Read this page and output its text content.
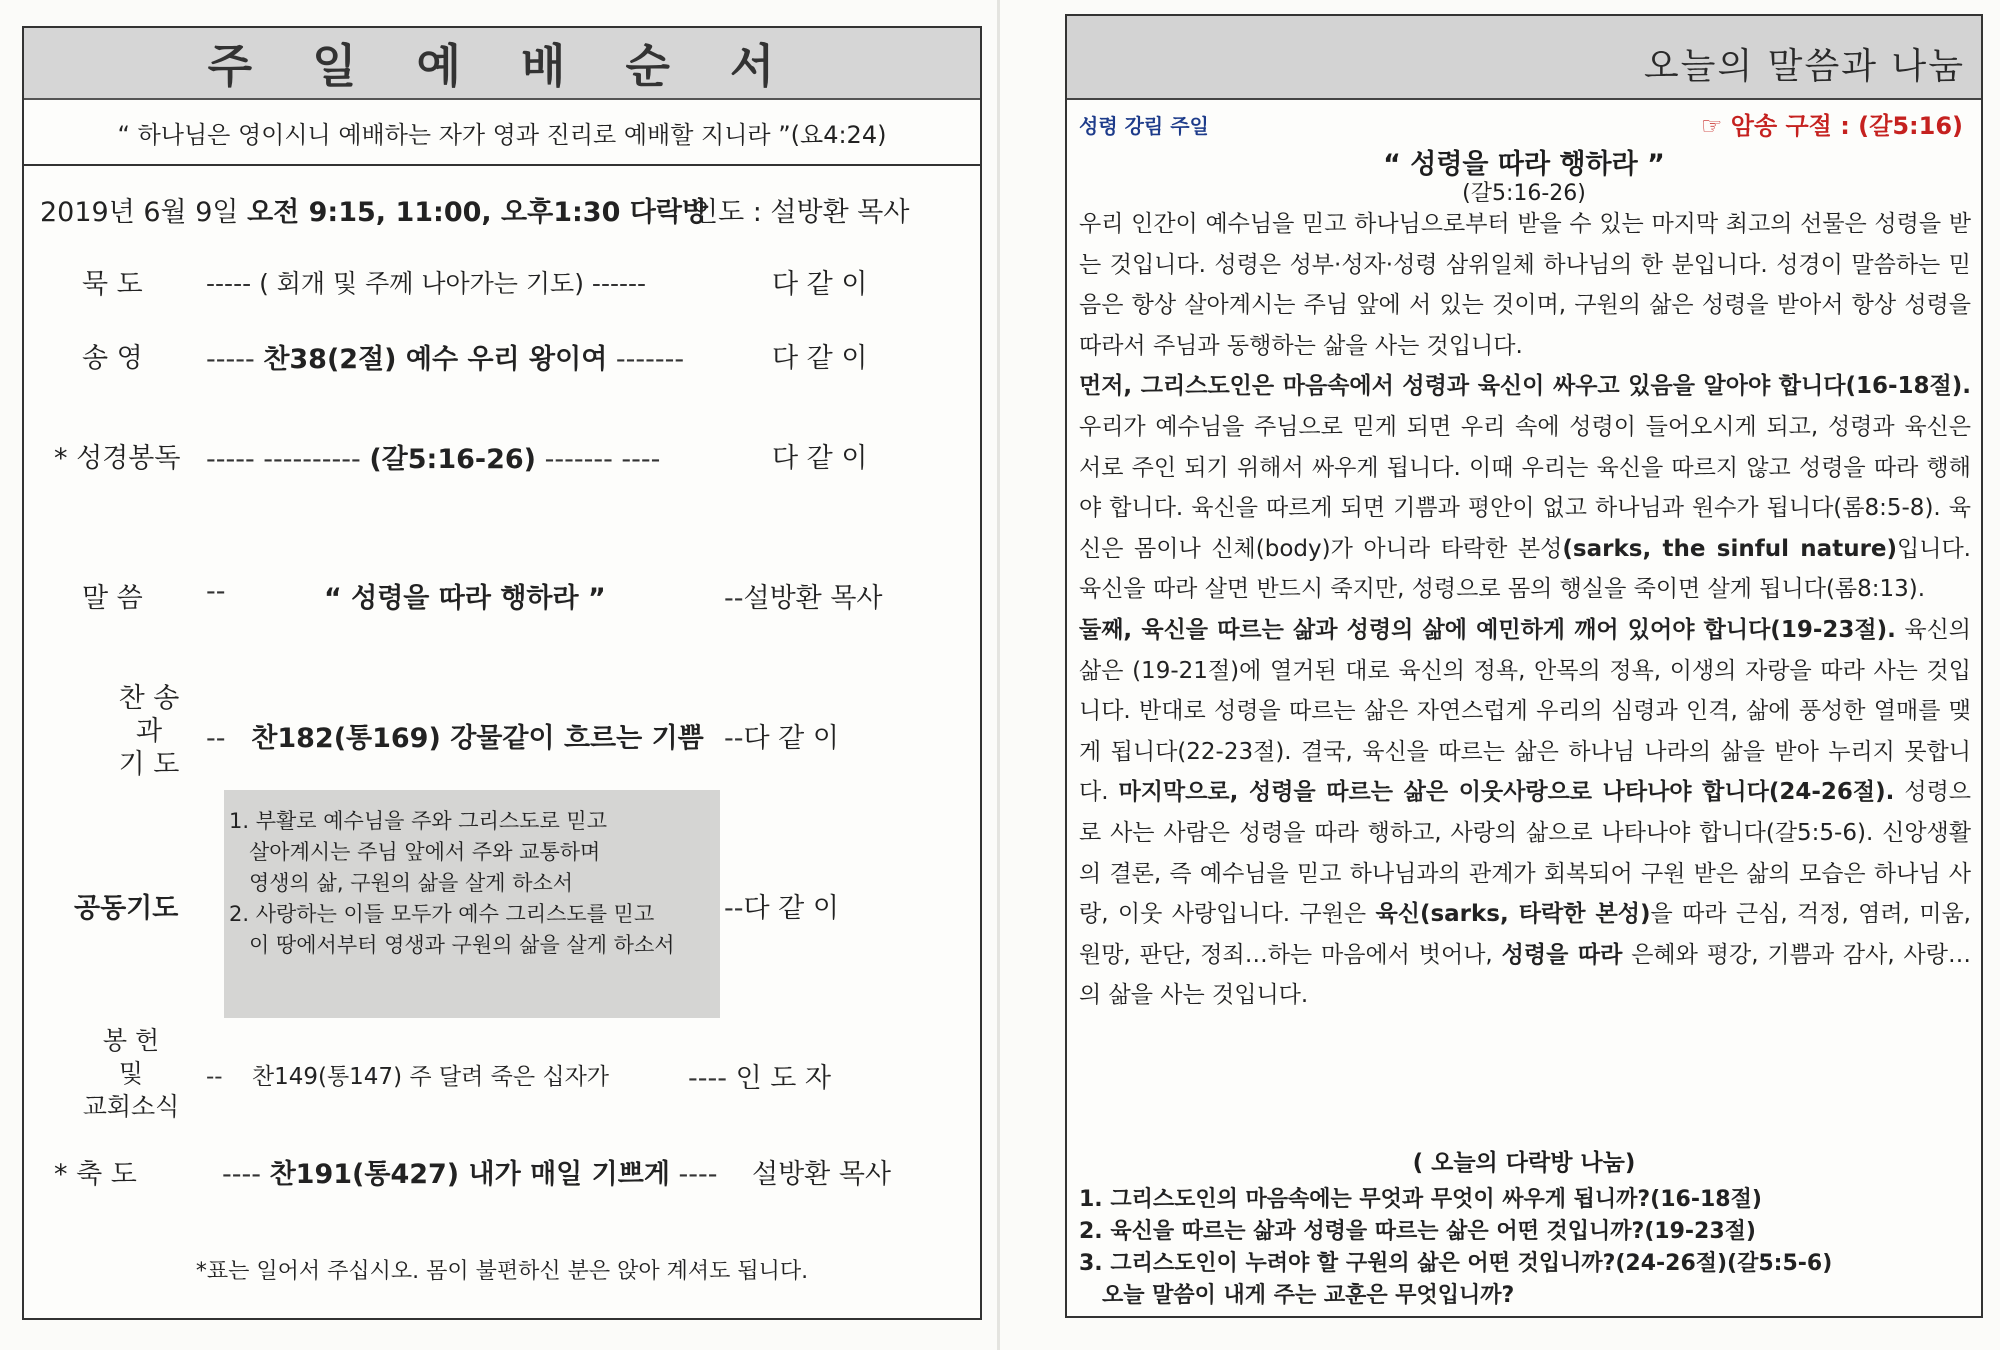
주 일 예 배 순 서
“ 하나님은 영이시니 예배하는 자가 영과 진리로 예배할 지니라 ”(요4:24)
2019년 6월 9일 오전 9:15, 11:00, 오후1:30 다락방
인도 : 설방환 목사
묵 도	----- ( 회개 및 주께 나아가는 기도) ------	다 같 이
송 영 ----- 찬38(2절) 예수 우리 왕이여 -------	다 같 이
* 성경봉독 ----- ---------- (갈5:16-26) ------- ----	다 같 이
말 씀 --	“ 성령을 따라 행하라 ”	--설방환 목사
찬 송
과
기 도
-- 찬182(통169) 강물같이 흐르는 기쁨 --다 같 이
공동기도
1. 부활로 예수님을 주와 그리스도로 믿고
살아계시는 주님 앞에서 주와 교통하며
영생의 삶, 구원의 삶을 살게 하소서
2. 사랑하는 이들 모두가 예수 그리스도를 믿고
이 땅에서부터 영생과 구원의 삶을 살게 하소서
--다 같 이
봉 헌
및
교회소식
-- 찬149(통147) 주 달려 죽은 십자가	---- 인 도 자
* 축 도	---- 찬191(통427) 내가 매일 기쁘게 ---- 설방환 목사
*표는 일어서 주십시오. 몸이 불편하신 분은 앉아 계셔도 됩니다.
오늘의 말씀과 나눔
성령 강림 주일	☞ 암송 구절 : (갈5:16)
“ 성령을 따라 행하라 ”
(갈5:16-26)

우리 인간이 예수님을 믿고 하나님으로부터 받을 수 있는 마지막 최고의 선물은 성령을 받는 것입니다. 성령은 성부·성자·성령 삼위일체 하나님의 한 분입니다. 성경이 말씀하는 믿음은 항상 살아계시는 주님 앞에 서 있는 것이며, 구원의 삶은 성령을 받아서 항상 성령을 따라서 주님과 동행하는 삶을 사는 것입니다.

먼저, 그리스도인은 마음속에서 성령과 육신이 싸우고 있음을 알아야 합니다(16-18절). 우리가 예수님을 주님으로 믿게 되면 우리 속에 성령이 들어오시게 되고, 성령과 육신은 서로 주인 되기 위해서 싸우게 됩니다. 이때 우리는 육신을 따르지 않고 성령을 따라 행해야 합니다. 육신을 따르게 되면 기쁨과 평안이 없고 하나님과 원수가 됩니다(롬8:5-8). 육신은 몸이나 신체(body)가 아니라 타락한 본성(sarks, the sinful nature)입니다. 육신을 따라 살면 반드시 죽지만, 성령으로 몸의 행실을 죽이면 살게 됩니다(롬8:13).

둘째, 육신을 따르는 삶과 성령의 삶에 예민하게 깨어 있어야 합니다(19-23절). 육신의 삶은 (19-21절)에 열거된 대로 육신의 정욕, 안목의 정욕, 이생의 자랑을 따라 사는 것입니다. 반대로 성령을 따르는 삶은 자연스럽게 우리의 심령과 인격, 삶에 풍성한 열매를 맺게 됩니다(22-23절). 결국, 육신을 따르는 삶은 하나님 나라의 삶을 받아 누리지 못합니다. 마지막으로, 성령을 따르는 삶은 이웃사랑으로 나타나야 합니다(24-26절). 성령으로 사는 사람은 성령을 따라 행하고, 사랑의 삶으로 나타나야 합니다(갈5:5-6). 신앙생활의 결론, 즉 예수님을 믿고 하나님과의 관계가 회복되어 구원 받은 삶의 모습은 하나님 사랑, 이웃 사랑입니다. 구원은 육신(sarks, 타락한 본성)을 따라 근심, 걱정, 염려, 미움, 원망, 판단, 정죄…하는 마음에서 벗어나, 성령을 따라 은혜와 평강, 기쁨과 감사, 사랑…의 삶을 사는 것입니다.

( 오늘의 다락방 나눔)
1. 그리스도인의 마음속에는 무엇과 무엇이 싸우게 됩니까?(16-18절)
2. 육신을 따르는 삶과 성령을 따르는 삶은 어떤 것입니까?(19-23절)
3. 그리스도인이 누려야 할 구원의 삶은 어떤 것입니까?(24-26절)(갈5:5-6)
오늘 말씀이 내게 주는 교훈은 무엇입니까?
